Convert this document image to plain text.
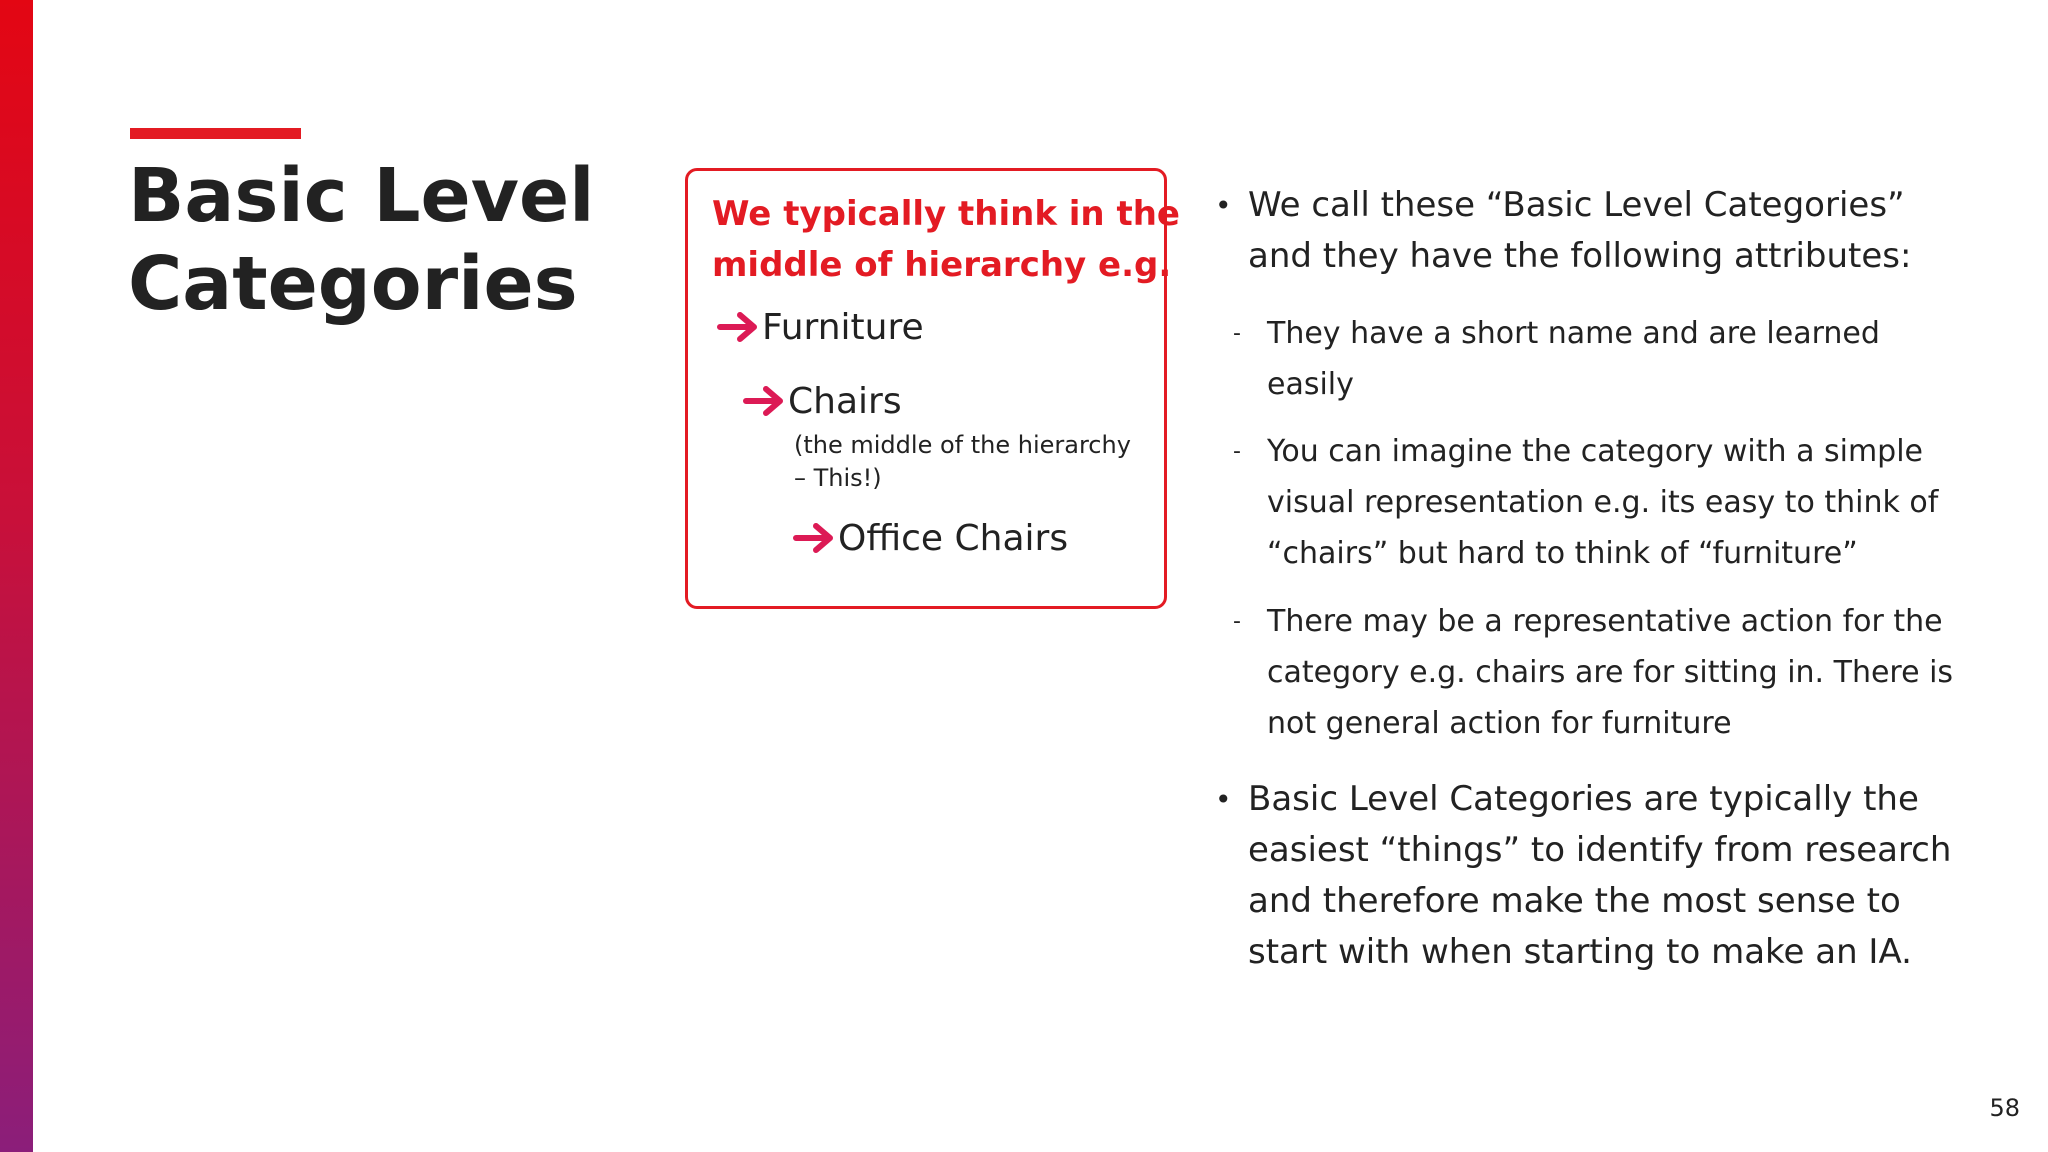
Basic Level
Categories
We typically think in the
middle of hierarchy e.g.
Furniture
Chairs
(the middle of the hierarchy
– This!)
Office Chairs
• We call these “Basic Level Categories”
and they have the following attributes:
- They have a short name and are learned
easily
- You can imagine the category with a simple
visual representation e.g. its easy to think of
“chairs” but hard to think of “furniture”
- There may be a representative action for the
category e.g. chairs are for sitting in. There is
not general action for furniture
• Basic Level Categories are typically the
easiest “things” to identify from research
and therefore make the most sense to
start with when starting to make an IA.
58
